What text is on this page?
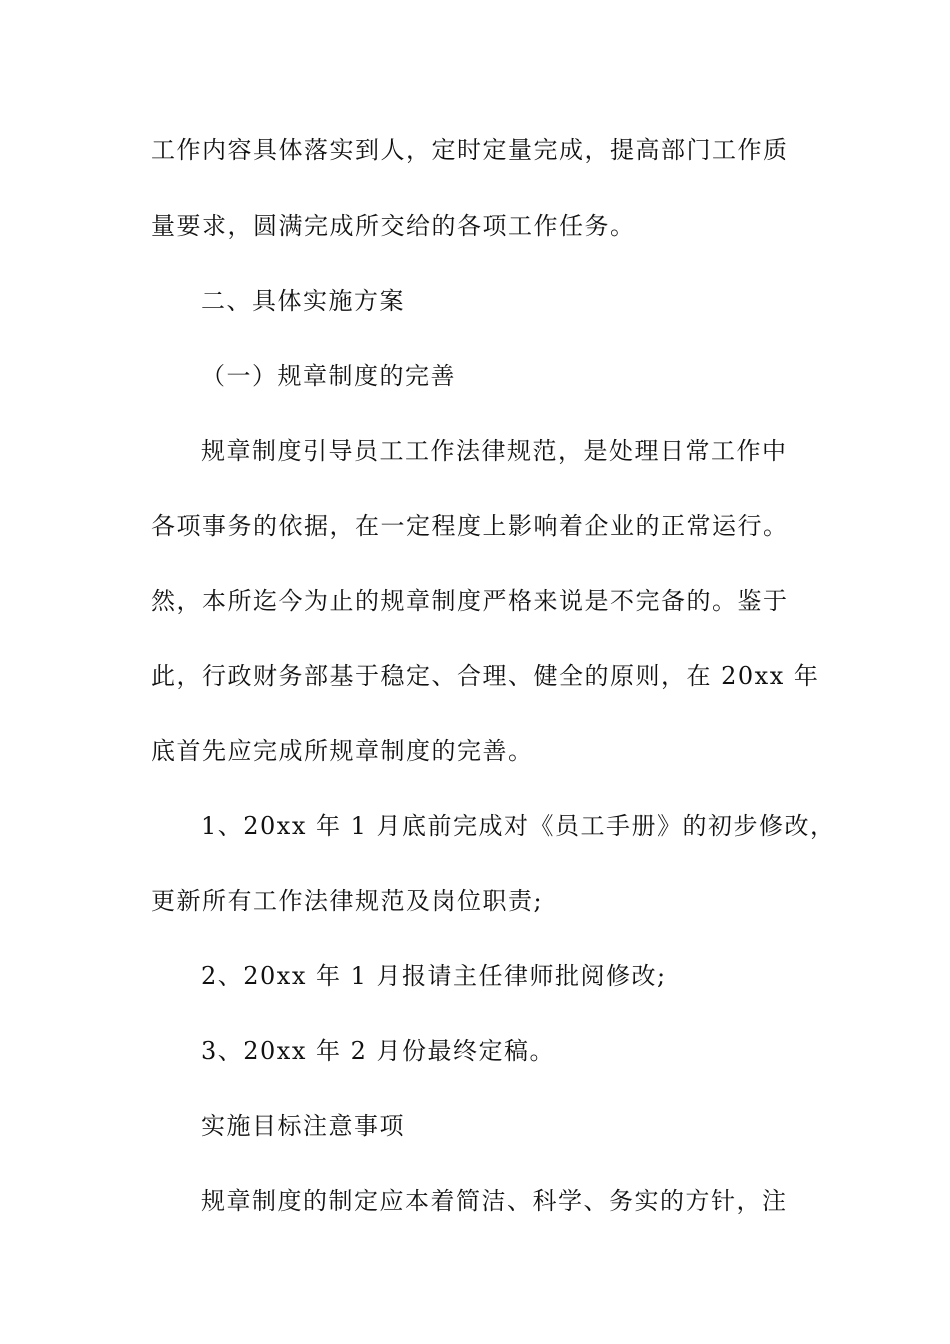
工作内容具体落实到人，定时定量完成，提高部门工作质

量要求，圆满完成所交给的各项工作任务。

二、具体实施方案

（一）规章制度的完善

规章制度引导员工工作法律规范，是处理日常工作中

各项事务的依据，在一定程度上影响着企业的正常运行。

然，本所迄今为止的规章制度严格来说是不完备的。鉴于

此，行政财务部基于稳定、合理、健全的原则，在 20xx 年

底首先应完成所规章制度的完善。

1、20xx 年 1 月底前完成对《员工手册》的初步修改，

更新所有工作法律规范及岗位职责;

2、20xx 年 1 月报请主任律师批阅修改;

3、20xx 年 2 月份最终定稿。

实施目标注意事项

规章制度的制定应本着简洁、科学、务实的方针，注
